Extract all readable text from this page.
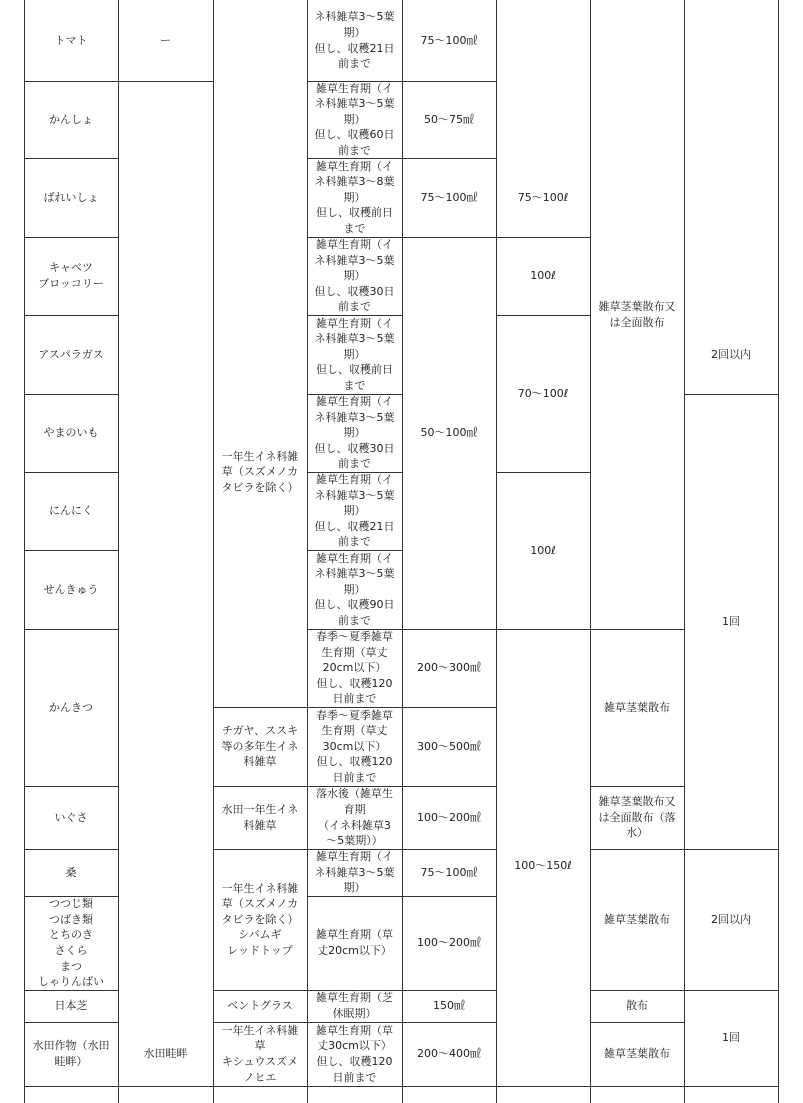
トマト
かんしょ
ばれいしょ
キャベツ
ブロッコリー
アスパラガス
やまのいも
にんにく
せんきゅう
かんきつ
いぐさ
桑
つつじ類
つばき類
とちのき
さくら
まつ
しゃりんばい
日本芝
水田作物（水田
畦畔）
ー
水田畦畔
一年生イネ科雑
草（スズメノカ
タビラを除く）
チガヤ、ススキ
等の多年生イネ
科雑草
水田一年生イネ
科雑草
一年生イネ科雑
草（スズメノカ
タビラを除く）
シバムギ
レッドトップ
ベントグラス
一年生イネ科雑
草
キシュウスズメ
ノヒエ
ネ科雑草3～5葉
期）
但し、収穫21日
前まで
雑草生育期（イ
ネ科雑草3～5葉
期）
但し、収穫60日
前まで
雑草生育期（イ
ネ科雑草3～8葉
期）
但し、収穫前日
まで
雑草生育期（イ
ネ科雑草3～5葉
期）
但し、収穫30日
前まで
雑草生育期（イ
ネ科雑草3～5葉
期）
但し、収穫前日
まで
雑草生育期（イ
ネ科雑草3～5葉
期）
但し、収穫30日
前まで
雑草生育期（イ
ネ科雑草3～5葉
期）
但し、収穫21日
前まで
雑草生育期（イ
ネ科雑草3～5葉
期）
但し、収穫90日
前まで
春季～夏季雑草
生育期（草丈
20cm以下）
但し、収穫120
日前まで
春季～夏季雑草
生育期（草丈
30cm以下）
但し、収穫120
日前まで
落水後（雑草生
育期
（イネ科雑草3
～5葉期））
雑草生育期（イ
ネ科雑草3～5葉
期）
雑草生育期（草
丈20cm以下）
雑草生育期（芝
休眠期）
雑草生育期（草
丈30cm以下）
但し、収穫120
日前まで
75～100㎖
50～75㎖
75～100㎖
50～100㎖
200～300㎖
300～500㎖
100～200㎖
75～100㎖
100～200㎖
150㎖
200～400㎖
75～100ℓ
100ℓ
70～100ℓ
100ℓ
100～150ℓ
雑草茎葉散布又
は全面散布
雑草茎葉散布
雑草茎葉散布又
は全面散布（落
水）
雑草茎葉散布
散布
雑草茎葉散布
2回以内
1回
2回以内
1回
